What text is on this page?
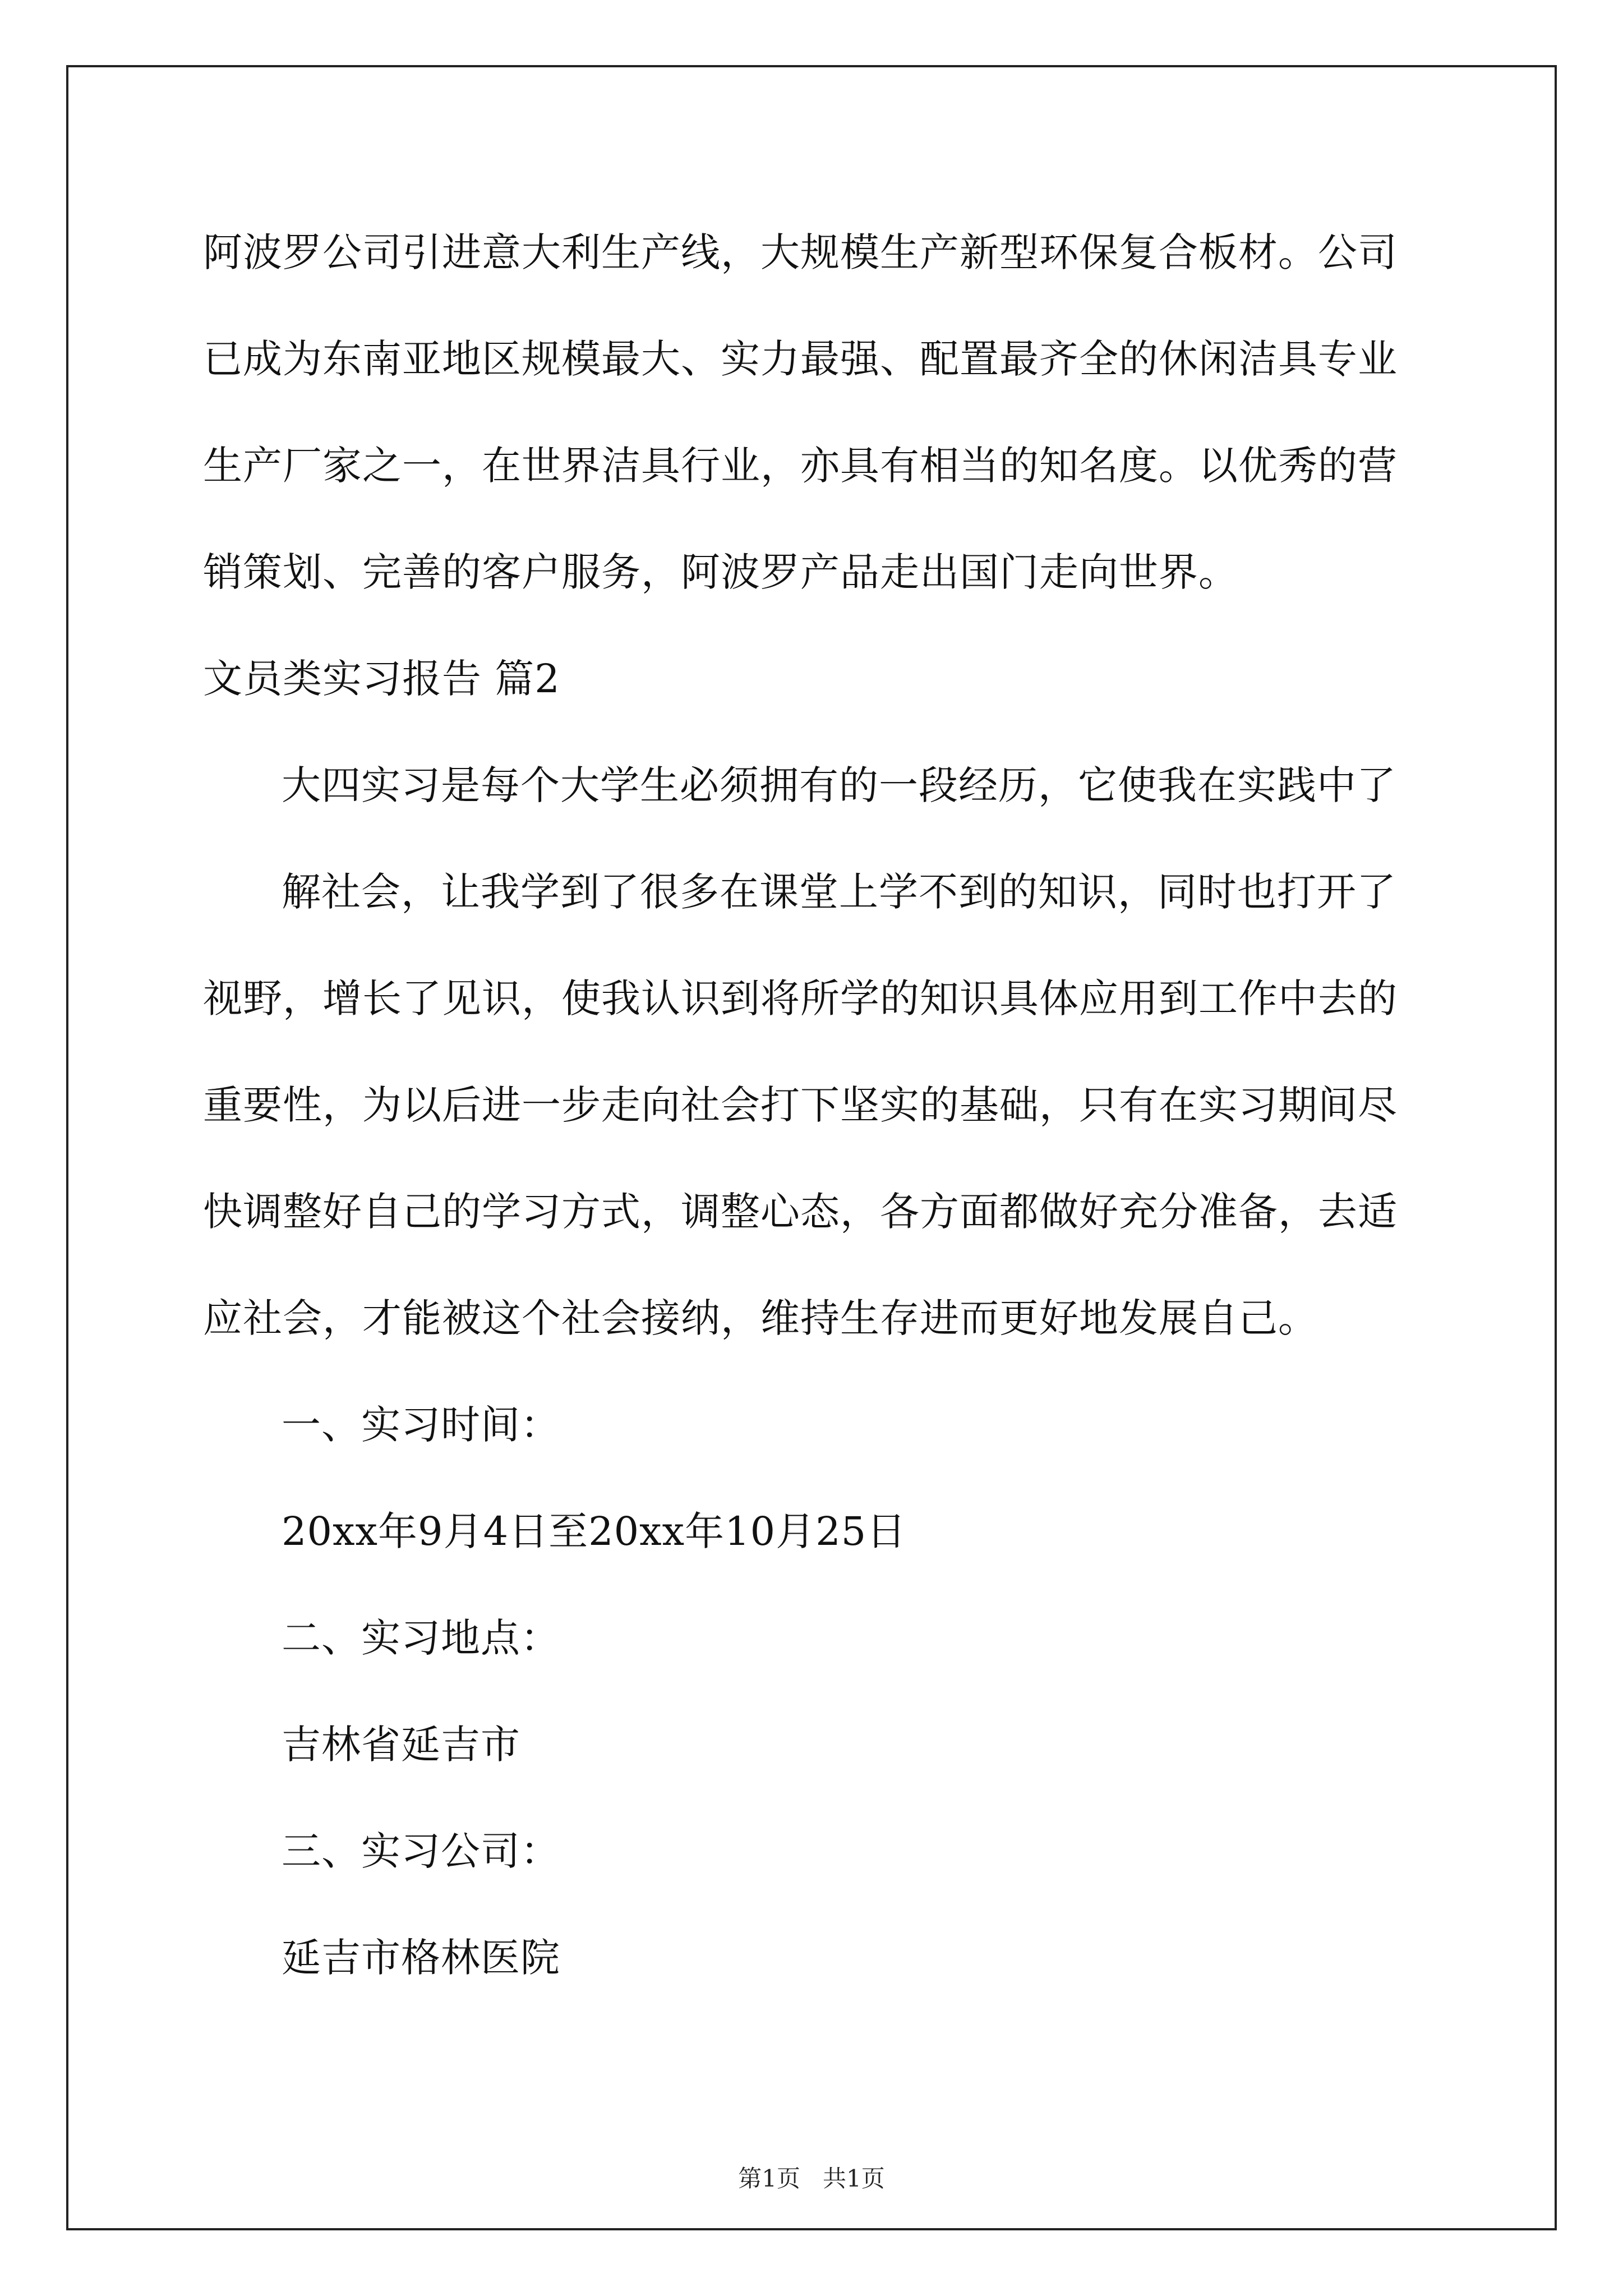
阿波罗公司引进意大利生产线，大规模生产新型环保复合板材。公司
已成为东南亚地区规模最大、实力最强、配置最齐全的休闲洁具专业
生产厂家之一，在世界洁具行业，亦具有相当的知名度。以优秀的营
销策划、完善的客户服务，阿波罗产品走出国门走向世界。
文员类实习报告 篇2
大四实习是每个大学生必须拥有的一段经历，它使我在实践中了
解社会，让我学到了很多在课堂上学不到的知识，同时也打开了
视野，增长了见识，使我认识到将所学的知识具体应用到工作中去的
重要性，为以后进一步走向社会打下坚实的基础，只有在实习期间尽
快调整好自己的学习方式，调整心态，各方面都做好充分准备，去适
应社会，才能被这个社会接纳，维持生存进而更好地发展自己。
一、实习时间：
20xx年9月4日至20xx年10月25日
二、实习地点：
吉林省延吉市
三、实习公司：
延吉市格林医院
第1页 共1页
